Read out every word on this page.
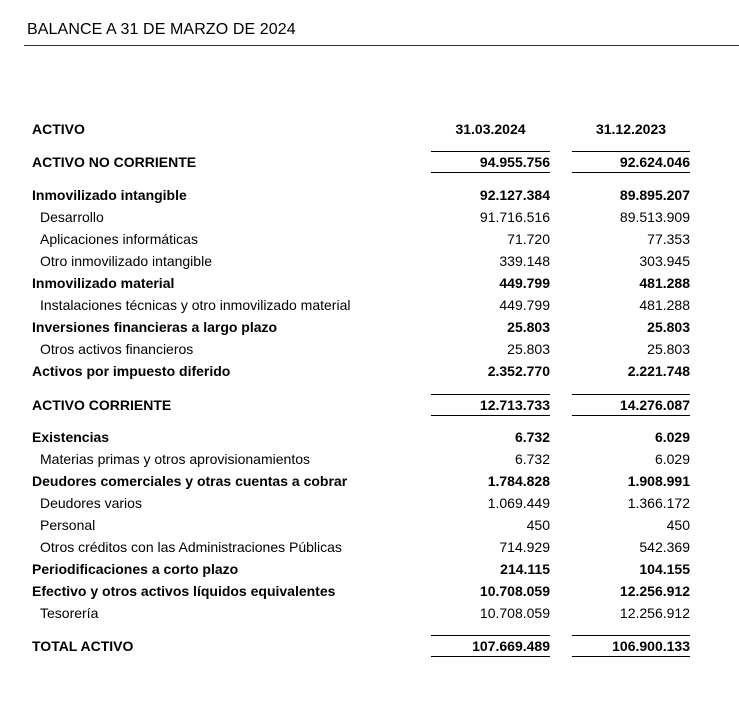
BALANCE A 31 DE MARZO DE 2024
ACTIVO	31.03.2024	31.12.2023
ACTIVO NO CORRIENTE	94.955.756	92.624.046
Inmovilizado intangible	92.127.384	89.895.207
Desarrollo	91.716.516	89.513.909
Aplicaciones informáticas	71.720	77.353
Otro inmovilizado intangible	339.148	303.945
Inmovilizado material	449.799	481.288
Instalaciones técnicas y otro inmovilizado material	449.799	481.288
Inversiones financieras a largo plazo	25.803	25.803
Otros activos financieros	25.803	25.803
Activos por impuesto diferido	2.352.770	2.221.748
ACTIVO CORRIENTE	12.713.733	14.276.087
Existencias	6.732	6.029
Materias primas y otros aprovisionamientos	6.732	6.029
Deudores comerciales y otras cuentas a cobrar	1.784.828	1.908.991
Deudores varios	1.069.449	1.366.172
Personal	450	450
Otros créditos con las Administraciones Públicas	714.929	542.369
Periodificaciones a corto plazo	214.115	104.155
Efectivo y otros activos líquidos equivalentes	10.708.059	12.256.912
Tesorería	10.708.059	12.256.912
TOTAL ACTIVO	107.669.489	106.900.133
